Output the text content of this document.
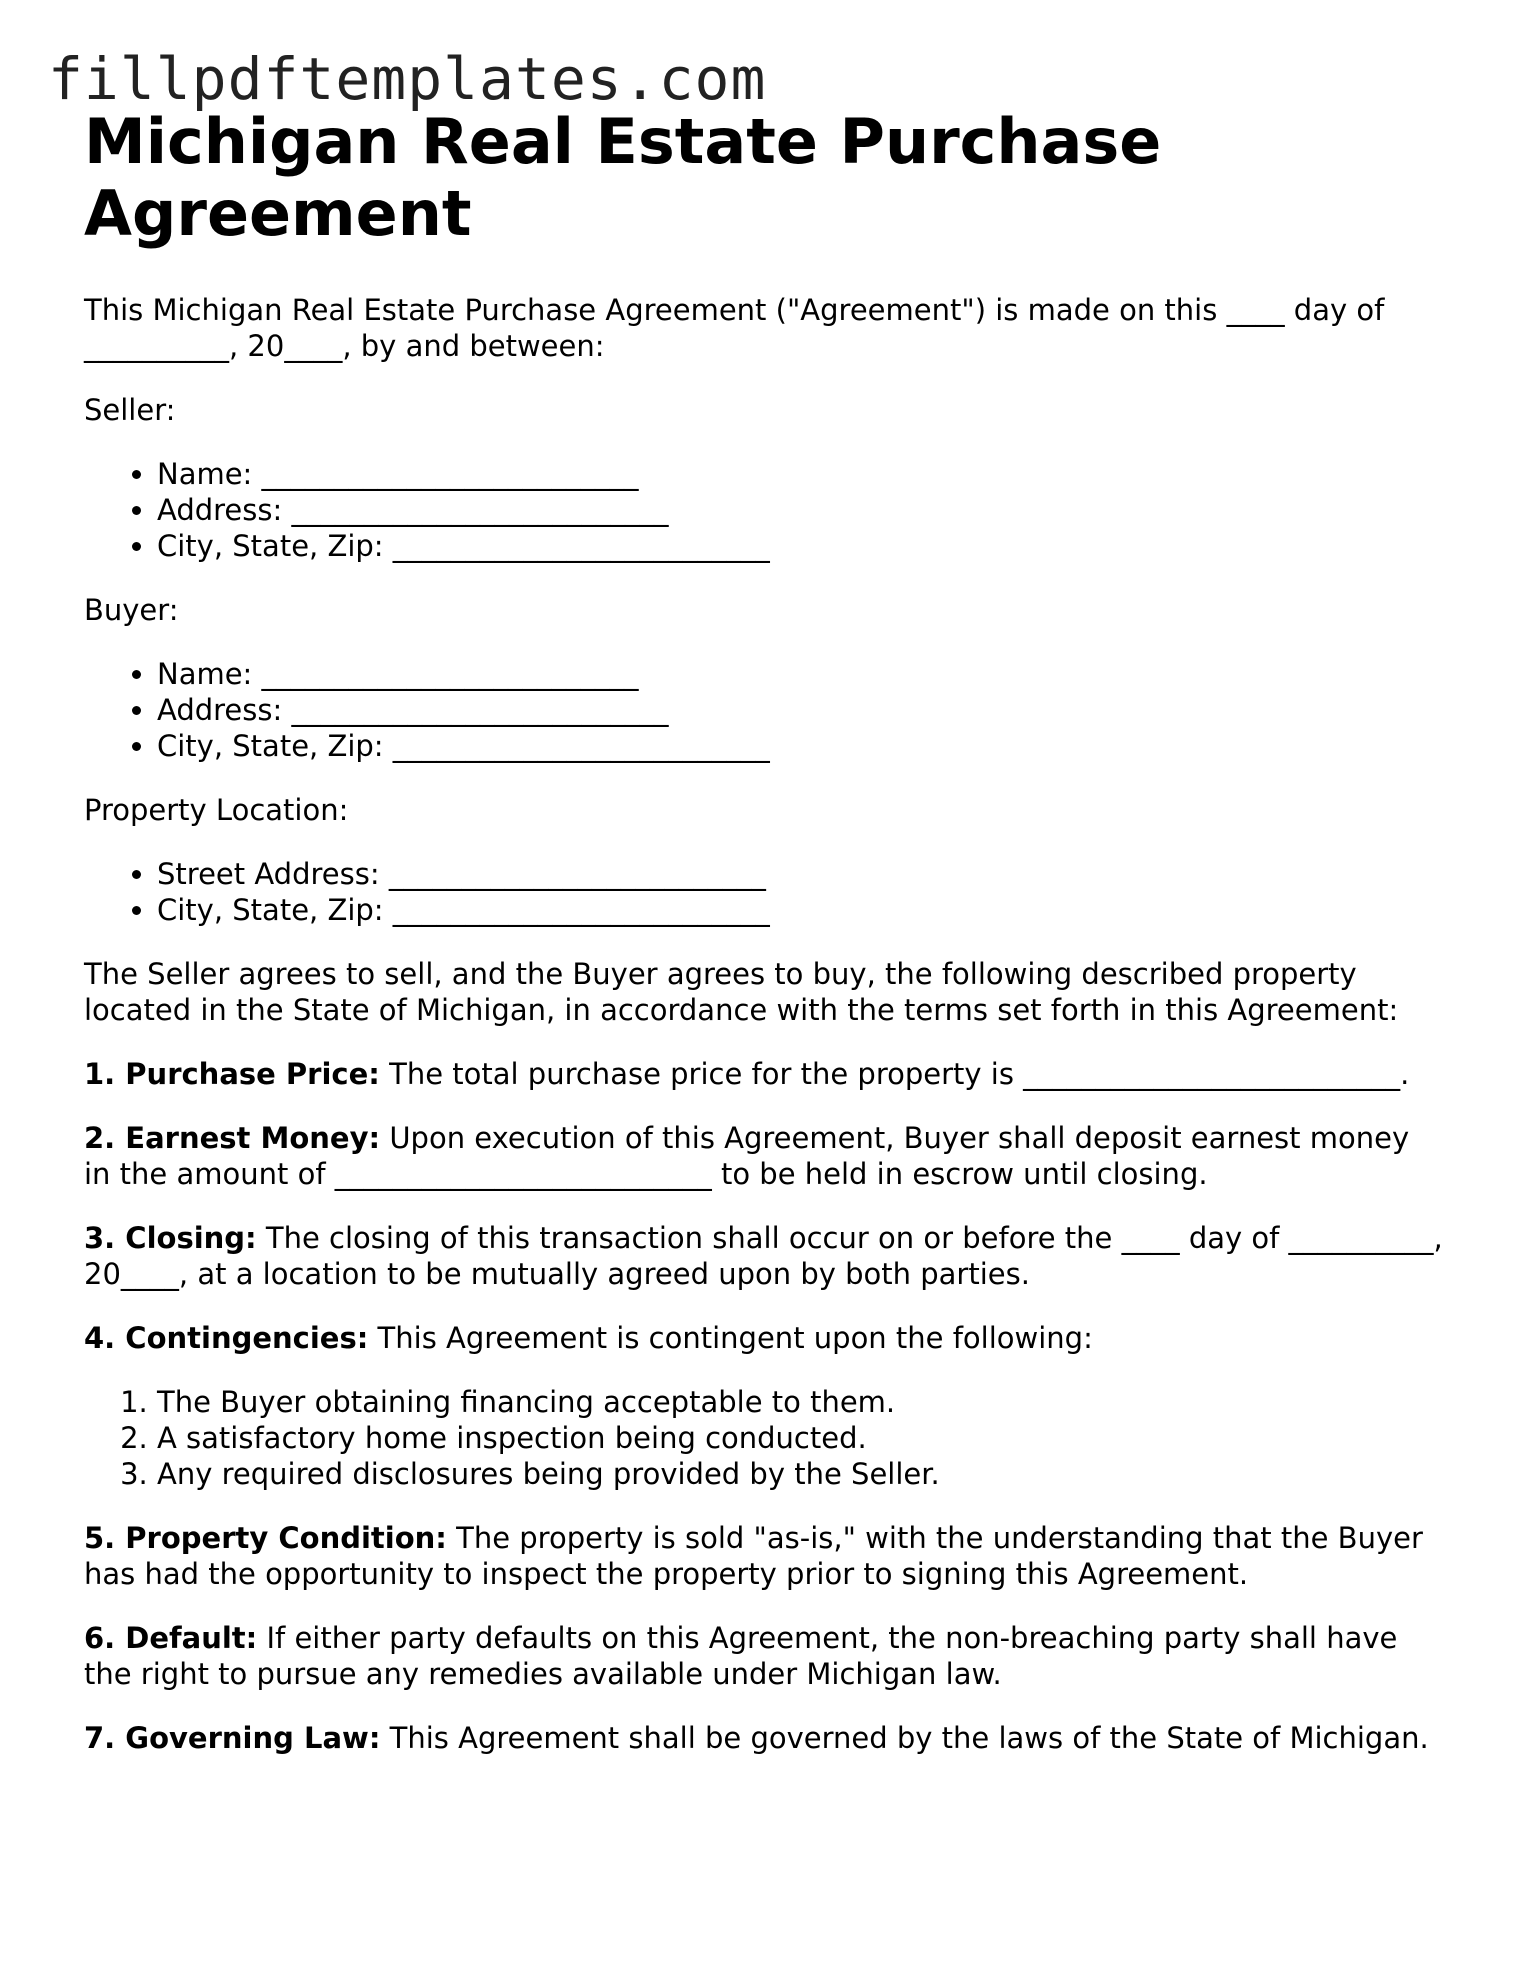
fillpdftemplates.com
Michigan Real Estate Purchase Agreement

This Michigan Real Estate Purchase Agreement ("Agreement") is made on this ____ day of __________, 20____, by and between:

Seller:

• Name: __________________________
• Address: __________________________
• City, State, Zip: __________________________

Buyer:

• Name: __________________________
• Address: __________________________
• City, State, Zip: __________________________

Property Location:

• Street Address: __________________________
• City, State, Zip: __________________________

The Seller agrees to sell, and the Buyer agrees to buy, the following described property located in the State of Michigan, in accordance with the terms set forth in this Agreement:

1. Purchase Price: The total purchase price for the property is __________________________.

2. Earnest Money: Upon execution of this Agreement, Buyer shall deposit earnest money in the amount of __________________________ to be held in escrow until closing.

3. Closing: The closing of this transaction shall occur on or before the ____ day of __________, 20____, at a location to be mutually agreed upon by both parties.

4. Contingencies: This Agreement is contingent upon the following:

1. The Buyer obtaining financing acceptable to them.
2. A satisfactory home inspection being conducted.
3. Any required disclosures being provided by the Seller.

5. Property Condition: The property is sold "as-is," with the understanding that the Buyer has had the opportunity to inspect the property prior to signing this Agreement.

6. Default: If either party defaults on this Agreement, the non-breaching party shall have the right to pursue any remedies available under Michigan law.

7. Governing Law: This Agreement shall be governed by the laws of the State of Michigan.
